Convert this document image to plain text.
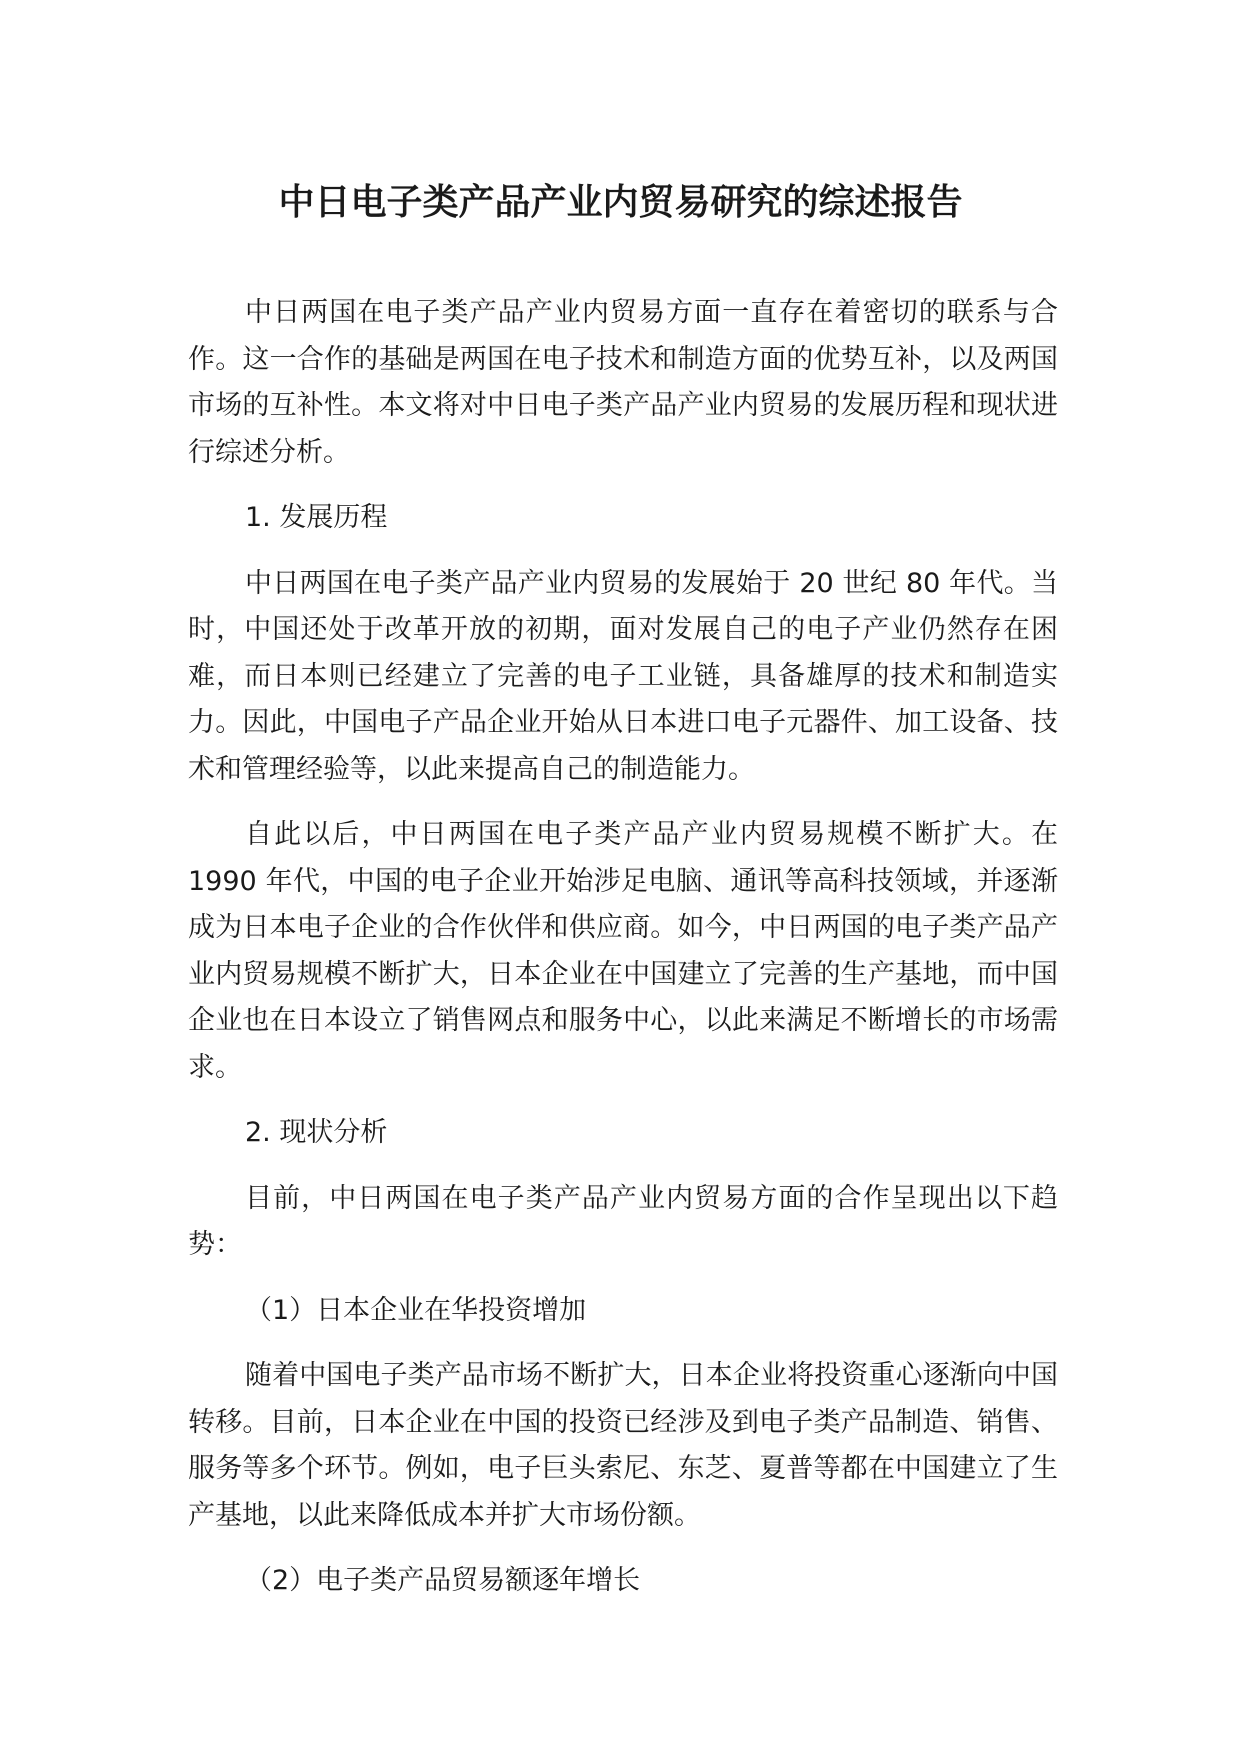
中日电子类产品产业内贸易研究的综述报告

中日两国在电子类产品产业内贸易方面一直存在着密切的联系与合作。这一合作的基础是两国在电子技术和制造方面的优势互补，以及两国市场的互补性。本文将对中日电子类产品产业内贸易的发展历程和现状进行综述分析。

1. 发展历程

中日两国在电子类产品产业内贸易的发展始于 20 世纪 80 年代。当时，中国还处于改革开放的初期，面对发展自己的电子产业仍然存在困难，而日本则已经建立了完善的电子工业链，具备雄厚的技术和制造实力。因此，中国电子产品企业开始从日本进口电子元器件、加工设备、技术和管理经验等，以此来提高自己的制造能力。

自此以后，中日两国在电子类产品产业内贸易规模不断扩大。在 1990 年代，中国的电子企业开始涉足电脑、通讯等高科技领域，并逐渐成为日本电子企业的合作伙伴和供应商。如今，中日两国的电子类产品产业内贸易规模不断扩大，日本企业在中国建立了完善的生产基地，而中国企业也在日本设立了销售网点和服务中心，以此来满足不断增长的市场需求。

2. 现状分析

目前，中日两国在电子类产品产业内贸易方面的合作呈现出以下趋势：

（1）日本企业在华投资增加

随着中国电子类产品市场不断扩大，日本企业将投资重心逐渐向中国转移。目前，日本企业在中国的投资已经涉及到电子类产品制造、销售、服务等多个环节。例如，电子巨头索尼、东芝、夏普等都在中国建立了生产基地，以此来降低成本并扩大市场份额。

（2）电子类产品贸易额逐年增长
